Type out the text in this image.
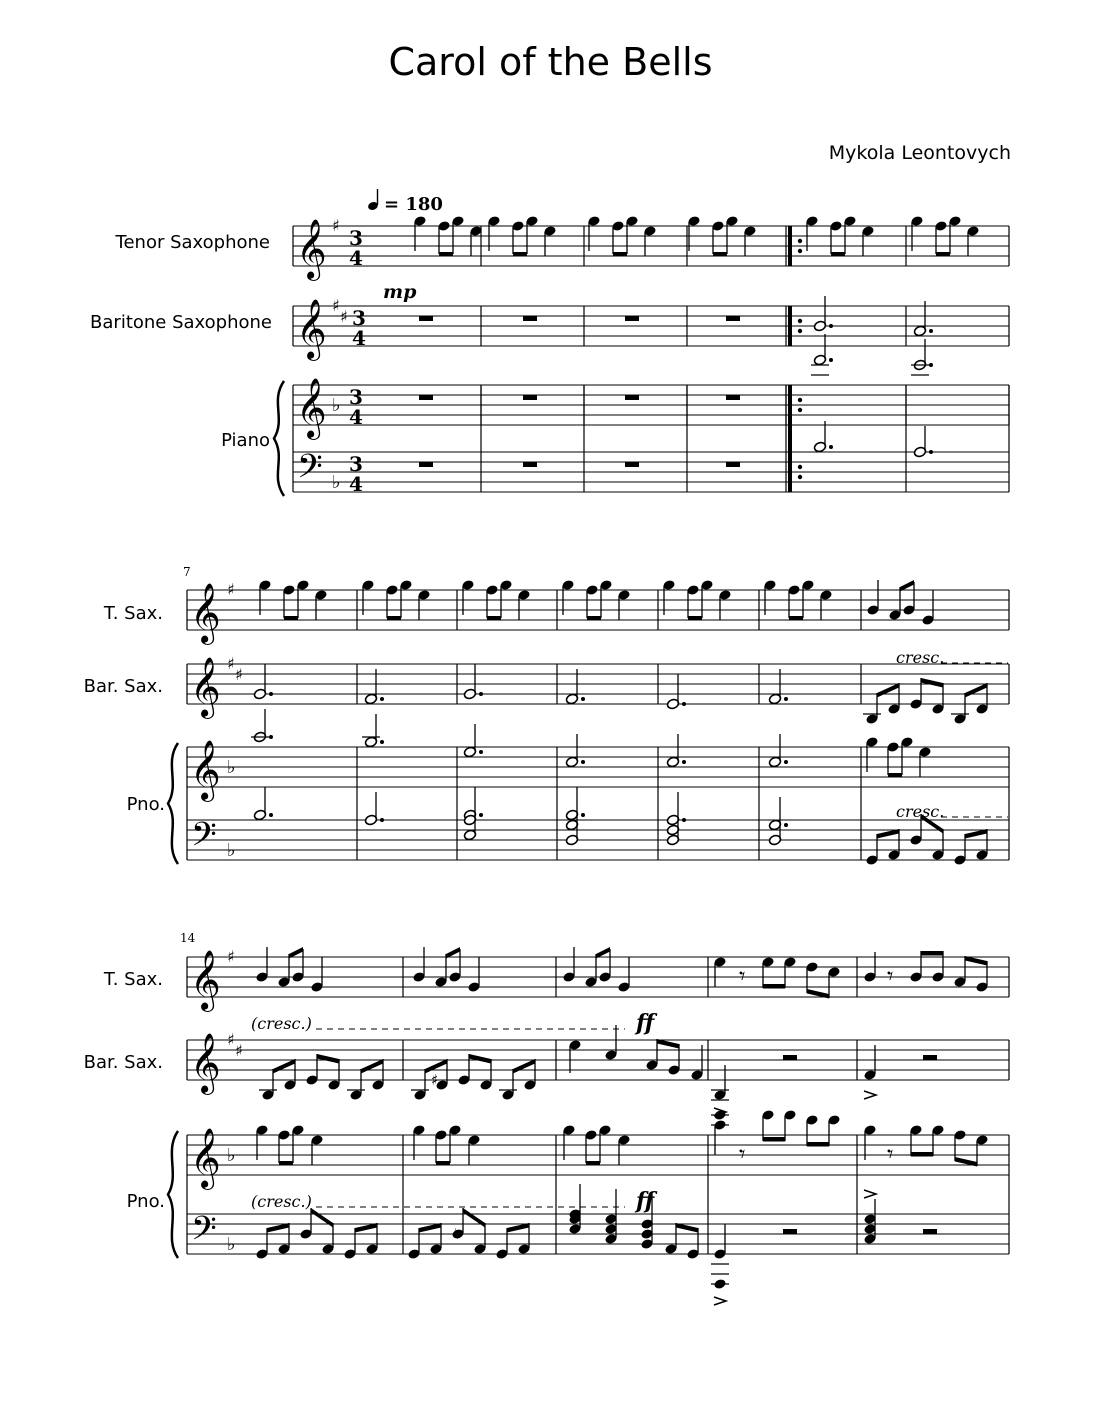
Carol of the Bells
Mykola Leontovych
𝄞
𝄞
𝄞
𝄢
♯
♯
♯
♭
♭
3
4
3
4
3
4
3
4
𝄞
𝄞
𝄞
𝄢
♯
♯
♯
♭
♭
𝄞
𝄞
𝄞
𝄢
♯
♯
♯
♭
♭
𝄾	𝄾
♯
𝄾	𝄾
♮
Tenor Saxophone
Baritone Saxophone
Piano
T. Sax.
Bar. Sax.
Pno.
T. Sax.
Bar. Sax.
Pno.
7
14
= 180
mp
cresc.
cresc.
(cresc.)	ff
(cresc.)	ff
